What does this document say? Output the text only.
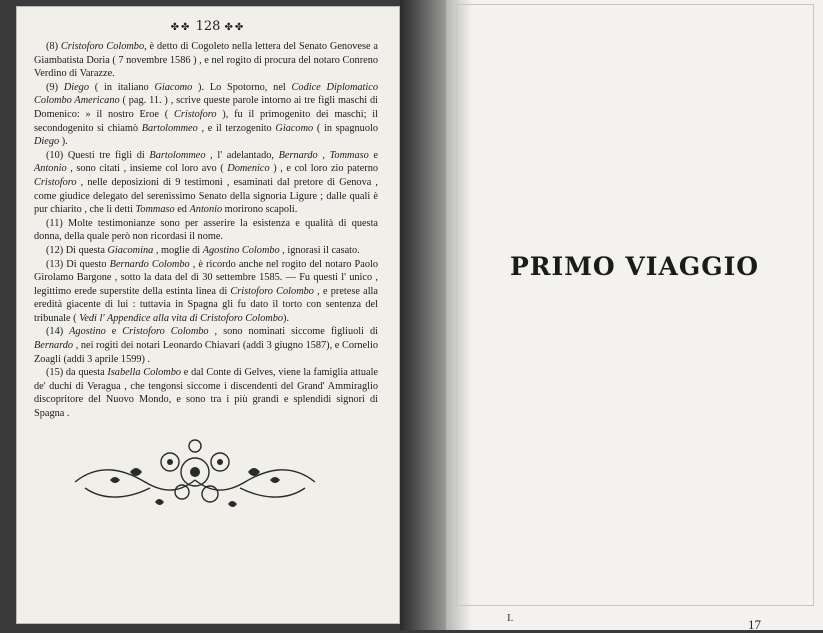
✤✤ 128 ✤✤

(8) Cristoforo Colombo, è detto di Cogoleto nella lettera del Senato Genovese a Giambatista Doria ( 7 novembre 1586 ) , e nel rogito di procura del notaro Conreno Verdino di Varazze.

(9) Diego ( in italiano Giacomo ). Lo Spotorno, nel Codice Diplomatico Colombo Americano ( pag. 11. ) , scrive queste parole intorno ai tre figli maschi di Domenico: » il nostro Eroe ( Cristoforo ), fu il primogenito dei maschi; il secondogenito si chiamò Bartolommeo , e il terzogenito Giacomo ( in spagnuolo Diego ).

(10) Questi tre figli di Bartolommeo , l' adelantado, Bernardo , Tommaso e Antonio , sono citati , insieme col loro avo ( Domenico ) , e col loro zio paterno Cristoforo , nelle deposizioni di 9 testimoni , esaminati dal pretore di Genova , come giudice delegato del serenissimo Senato della signoria Ligure ; dalle quali è pur chiarito , che li detti Tommaso ed Antonio morirono scapoli.

(11) Molte testimonianze sono per asserire la esistenza e qualità di questa donna, della quale però non ricordasi il nome.

(12) Di questa Giacomina , moglie di Agostino Colombo , ignorasi il casato.

(13) Di questo Bernardo Colombo , è ricordo anche nel rogito del notaro Paolo Girolamo Bargone , sotto la data del dì 30 settembre 1585. — Fu questi l' unico , legittimo erede superstite della estinta linea di Cristoforo Colombo , e pretese alla eredità giacente di lui : tuttavia in Spagna gli fu dato il torto con sentenza del tribunale ( Vedi l' Appendice alla vita di Cristoforo Colombo).

(14) Agostino e Cristoforo Colombo , sono nominati siccome figliuoli di Bernardo , nei rogiti dei notari Leonardo Chiavari (addi 3 giugno 1587), e Cornelio Zoagli (addi 3 aprile 1599) .

(15) da questa Isabella Colombo e dal Conte di Gelves, viene la famiglia attuale de' duchi di Veragua , che tengonsi siccome i discendenti del Grand' Ammiraglio discopritore del Nuovo Mondo, e sono tra i più grandi e splendidi signori di Spagna .

PRIMO VIAGGIO
I.	17
